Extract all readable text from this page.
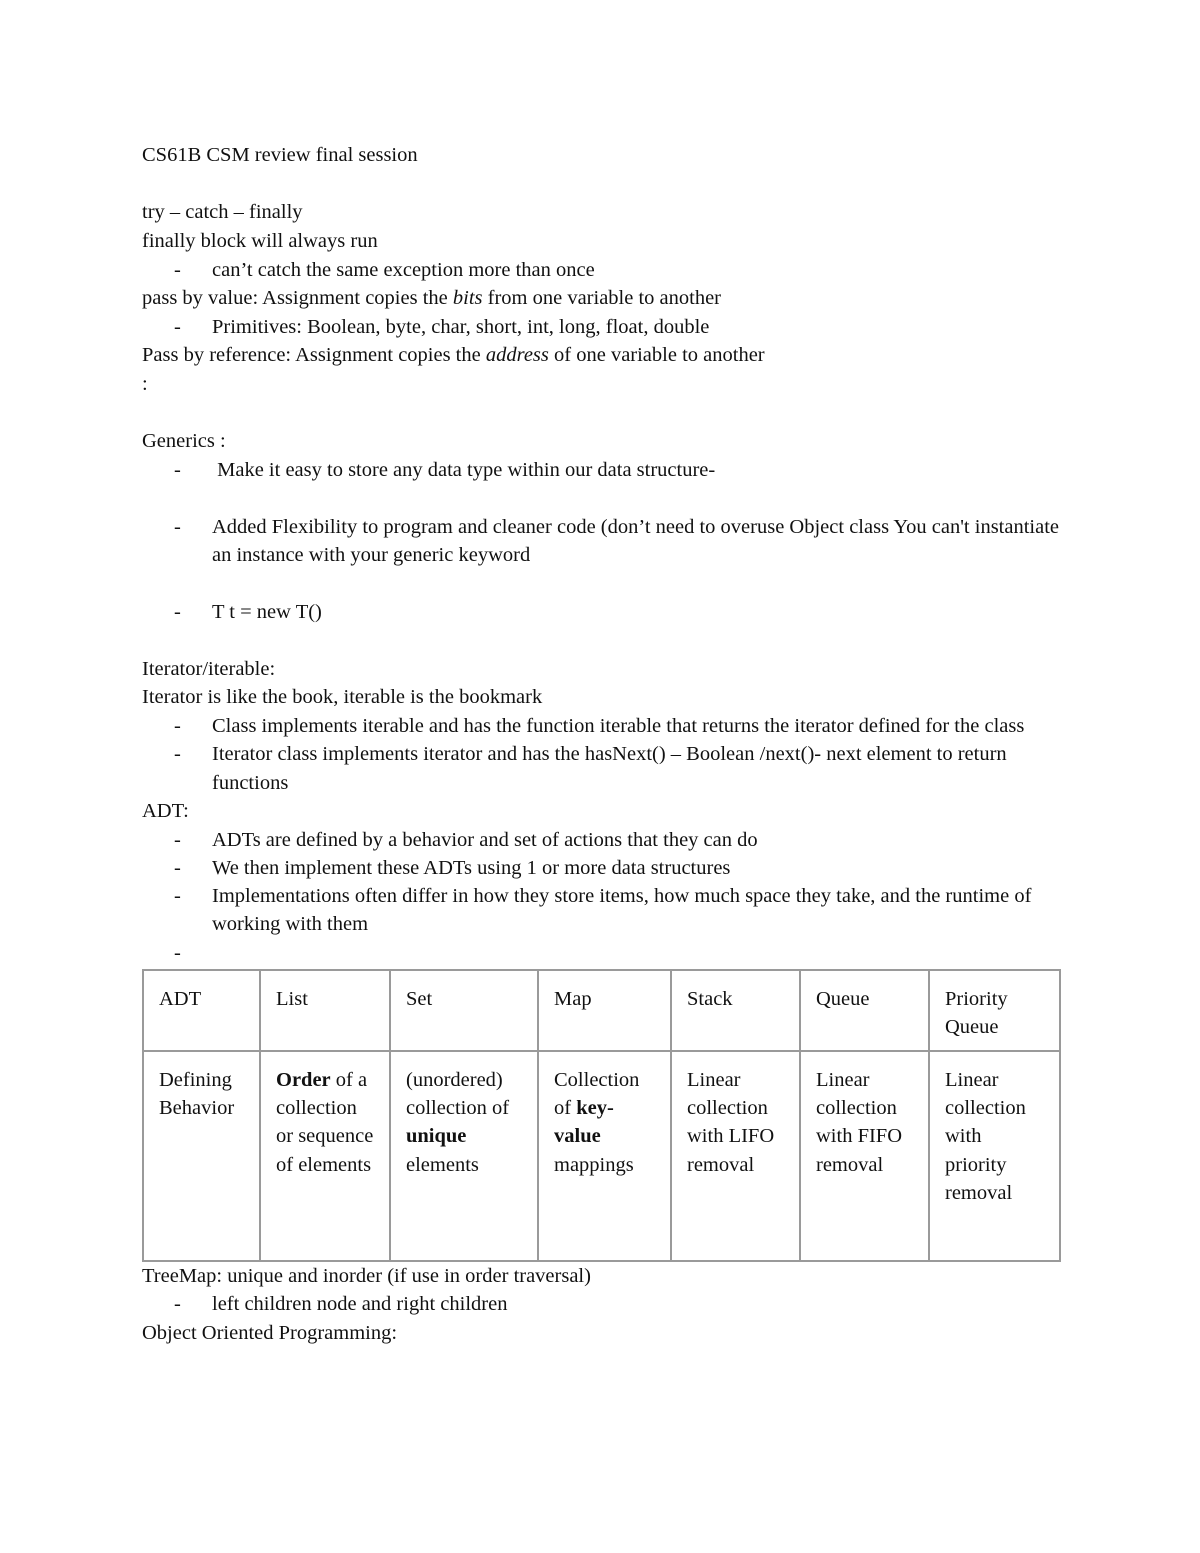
CS61B CSM review final session
try – catch – finally
finally block will always run
- can’t catch the same exception more than once
pass by value: Assignment copies the bits from one variable to another
- Primitives: Boolean, byte, char, short, int, long, float, double
Pass by reference: Assignment copies the address of one variable to another
:
Generics :
- Make it easy to store any data type within our data structure-
- Added Flexibility to program and cleaner code (don’t need to overuse Object class You can't instantiate an instance with your generic keyword
- T t = new T()
Iterator/iterable:
Iterator is like the book, iterable is the bookmark
- Class implements iterable and has the function iterable that returns the iterator defined for the class
- Iterator class implements iterator and has the hasNext() – Boolean /next()- next element to return functions
ADT:
- ADTs are defined by a behavior and set of actions that they can do
- We then implement these ADTs using 1 or more data structures
- Implementations often differ in how they store items, how much space they take, and the runtime of working with them
-
ADT	List	Set	Map	Stack	Queue	Priority Queue
Defining Behavior	Order of a collection or sequence of elements	(unordered) collection of unique elements	Collection of key-value mappings	Linear collection with LIFO removal	Linear collection with FIFO removal	Linear collection with priority removal
TreeMap: unique and inorder (if use in order traversal)
- left children node and right children
Object Oriented Programming:
